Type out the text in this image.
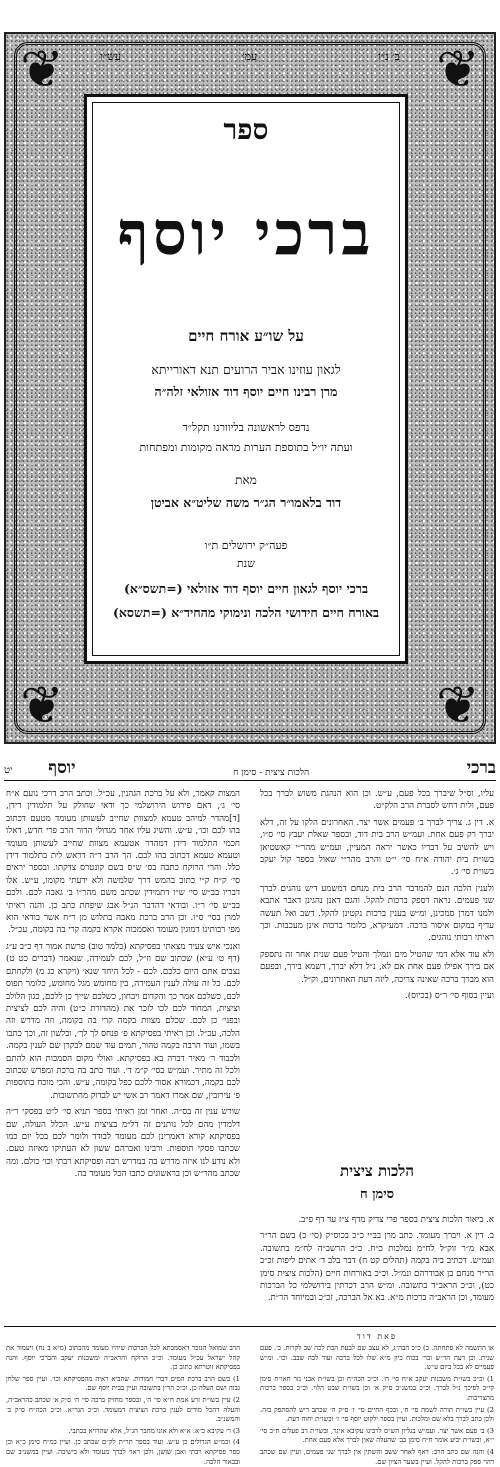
❦	❦
❦	❦
ב׳ נ״ו
עמ׳
עש״ו
ספר
ברכי יוסף
על שו״ע אורח חיים
לגאון עוזינו אביר הרועים תנא דאורייתא
מרן רבינו חיים יוסף דוד אזולאי זלה״ה
נדפס לראשונה בליוורנו תקל״ד
ועתה יו״ל בתוספת הערות מראה מקומות ומפתחות
מאת
דוד בלאמו״ר הג״ר משה שליט״א אביטן
פעה״ק ירושלים ת״ו
שנת
ברכי יוסף לגאון חיים יוסף דוד אזולאי (=תשס״א)
באורח חיים חידושי הלכה ונימוקי מהחיד״א (=תשסא)
ברכי
הלכות ציצית - סימן ח
יוסף       יט

עליו, וס״ל שיברך בכל פעם, ע״ש. וכן הוא הנהגת משוש לברך בכל פעם, ולית דחש לסברת הרב הלק״ט.

א. דין ג. צריך לברך ב׳ פעמים אשר יצר. האחרונים הלקו על זה, דלא יברך רק פעם אחת. ועמ״ש הרב בית דוד, ובספר שאלת יעבץ סי׳ ס״ו, ויש להשיב על דבריו כאשר יראה המעיין, ועמ״ש מהר״י קאשטיאן בשו״ת בית יהודה א״ח סי׳ י״ט והרב מהר״י שאול בספר קול יעקב בשו״ת סי׳ ג׳.

ולענין הלכה הנם להמדבר הרב בית מנחם דמשמע דיש נוהגים לברך שני פעמים. נראה דספק ברכות להקל. והגם דאנן נהגינן דאבר אתבא ולמנו דמרן סמכינן, ומ״ש בענין ברכות נקטינן להקל. דשב ואל תעשה עדיף במקום איסור ברכה. דמעיקרא, כלומר ברכות אינן מעכבות. וכך ראיתי רבותי נוהגים.

ולא עוד אלא דמי שהטיל מים ונמלך והטיל פעם שנית אחר זה נתספק אם בירך אפילו פעם אחת אם לא, נ״ל דלא יברך, דשמא בירך, ובפעם הוא מברך ברכה שאינה צריכה, ליזה דעת האחרונים, וק״ל.

ועיין בסוף סי׳ ר״ס (בכיוס).

הלכות ציצית
סימן ח

א. ביאור הלכות ציצית בספר פרי צדיק מדף צ״ז עד דף פ״ב.

ב. דין א. ויברך מעומד. כתב מרן בב״י כ״כ בכוס״ק (סי׳ כ) בשם הר״ר אבא מ״ר זוק״ל לח״מ נמלכות כ״ח. כ״כ הרשב״ה לח״מ בתשובה. ועמ״ש. דכתיב ביה בקמה (תהלים קט ח) דבר בלב ד׳ אתים ליפות זכ״ב הר״ר מנחם בן אבודרהם ונמ״ל. וכ״כ באורחות חיים (הלכות ציצית סימן כט), וכ״כ הראב״ד בתשובה. ומ״ש הרב דכרתין בירושלמי כל הברכות מעומד, וכן הראב״ה ברכות מ״א. בא אל הברכה, זכ״כ ובמיוחד הר״ת.

המצות קאמר, ולא על ברכת הגהנין, עכ״ל. וכתב הרב דרכי נועם א״ח סי׳ ג׳, דאם פירוש הירושלמי כך ודאי שחולק על תלמודין דידן, [ד]מהדר למיהב טעמא למצוות שחייב לעשותן מעומד מטעם דכתוב בהו לכם וכו׳, ע״ש. והשיג עליו אחד מגדולי הדור הרב פרי חדש, דאלו חכמי התלמוד דידן דמהדר אטעמא מצוות שחייב לעשותן מעומד וטעמא טעמא דכתוב בהו לכם. הך הרב ר״ה דראש לית בתלמוד דידן כלל. והרי הרוקח כתבה בס׳ ש״ס בשם קונטרס צדקתו. ובספר יראים סי׳ ק״ח ק״י כתוב בהמש דרך שלמשה ולא ידעתי מקומו, ע״ש. אלו דבריו בב״ש סי׳ ש״ו דתמידין שכתב משם מהר״ו ב׳ גאבה לכם. ולכם בב״ש סי׳ ר״ו. ובודאי דהדבר הנ״ל אבג שיפחת כתב כן. והנה ראיתי למרן בסי׳ ס״ו. וכן הרב ברכת מאבה בתלוש מן ר״ח אשר בודאי הוא מפי רבותינו דמוגין מעומד ואסמכוה אקרא בקמה קרי בה בקומה, עכ״ל.

ואנכי איש צעיר מצאתי בפסיקתא (כלמד טוב) פרשת אמור דף כ״ב ע״ג (דף ט׳ ע״א) שכתוב שם וז״ל, לכם לעמידה, שנאמר (דברים כט ט) נצבים אתם היום כלכם. לכם - לכל היחד שנא׳ (ויקרא כג מ) ולקחתם לכם. כל זה עולה לענין העמידה, בין מחומש מגל מחומש, כלומר תפוס לכם, כשלכם אמר כך והקדום ויבחון, כשלכם שייך כן ללכם, כגון הלולב וציצית, המחוד לכם לכו לזכר את (מהדורת כ״ט) והיה לכם לציצית ובפני׳ כן לכם. שכלם מצוות בקמה קרי בה בקומה, וזה מדרש וזה הלכה, עכ״ל. וכן ראיתי בפסיקתא פ׳ פנחס לך לך׳, ובלשון זה, וכך כתבו בשמו, ועוד הרבה בקמה טהור, תמים עוד שמם לבקרן שם לענין בקמה. ולכבוד ר׳ מאיר דברה בא בפסיקתא. ואולי מקום הסמכות הוא להתם ולכל זה מתיר. ועמ״ש בסי׳ ק״מ ד׳. ועוד כתב בה ברכת ומפרש שכתוב לכם בקמה, דכמורא אסור ללכם כפל בקומה, ע״ש. והכי מוכח בתוספות פ׳ עירובין, שם אמרו דאמר רב אשי יש לבדוק מהתשובות.

שורש ענין זה בס״ה. ואחר זמן ראיתי בספר תניא סי׳ ל״ט בפסקי ר״ה דלמדין מהם לכל נותנים זה דל״מ בציצית ע״ש. הכלל העולה, שם בפסיקתא קורא דאמרינן לכם מעומד לבודד ולומר לכם בכל יום כמו שכתבו פסקי תוספות. ורבינו ואברהם ששון לא העתיקו מאיזה טעם. ולא נודע לנו איזה מדרש בה במדרש רבה ופסיקתא רבתי וכו׳ כולם. ומה שכתב מהר״ש וכן בראשונים כתבו הכל מעומד בה.

פאת דוד

או התשמה לא פתחתה. ב) כ״כ הבה״ג, לא עצב שם לבעת הבת לכה שב לקרות. ב׳. פעם שנית. וכן דעת הר״ש ובר׳ בכוח כיון מ״א שלו לכל ברכה ועוד לכה שבב. וכו׳. ומ״ש פעמיים לא בכל ביום ע״ש.

1) וכ״כ בשו״ת משכנות יעקב א״ח סי׳ ח׳. וכ״כ הכה״ח וכן בשו״ת אבני נזר חאו״ח סימן קי״ב לפיכך נ״ל לברך. וכ״כ במשנ״ב ס״ק א׳ וכן בשו״ת שבט הלוי. וכ״כ בספר ברכות מהצריכות.

2) עיין בשו״ת תורה לשמה סי׳ ח׳, ובכף החיים סי׳ ז׳ ס״ק ה׳ שכתב דיש להסתפק בזה. ולכן כתב לברך בלא שם ומלכות. ועיין בספר ילקוט יוסף סי׳ ז׳ ובשו״ת יחוה דעת.

3) ב׳ פעם אשר יצר. ועמ״ש בגליון הש״ס לרבינו עקיבא איגר, ובשו״ת רב פעלים ח״ב סי׳ י״א, ובשו״ת יביע אומר ח״ח סימן כב׳ שהעלה שאין לברך אלא פעם אחת.

4) והנה שם כתב הרב: דאף לאחר ששב והשתין אין לברך שני פעמים, ועיין שם שכתב דהוי ספק ברכות להקל. ועיין בשער הציון שם.

הרב שמואל הנזכר דאסמכתא לכל הברכות שיהיו מעומד מהכתוב (מ״א ב נח) ויעמוד את קהל ישראל עכ״ל מעומד. וכ״כ הרוקח והראב״ה ומשכנות יעקב והברכי יוסף. והנה בפסיקתא זוטרתא כתוב כן.

1) בשם הרב ברכת המים דברי חמודות. שהביא ראיה מהפסיקתא וכו׳. ועיין ספר שלחן גבוה ושם העלה כן. וכ״כ הר״ן בתשובה ועיין בבית יוסף שם.

2) עיין בשו״ת זרע אמת ח״א סי׳ ה׳, ובספר מחזיק ברכה סי׳ ח׳ ס״ק א׳ שכתב כהראב״ה, והעלה דהכל מודים לענין ברכת הציצית דמעומד. וכ״כ הגר״א. וכ״כ הכה״ח ס״ק ב׳ והמשנ״ב.

3) ר׳ עקיבא כ״א. א״א ולא אונו מחבר הג״ל, אלא שהרויא בכתבי.

4) וכמ״ש הגדולים כן ע״ש. ועוד בספר תר״ת לק״ם שכתב כן. ועיין במ״ח סימן כ״א וכן ספר פסיקתא רבתי ואבן שושן, ולכן ראוי לברך מעומד ולא בישיבה. ועיין במשנ״ב שם ובבאור הלכה.
